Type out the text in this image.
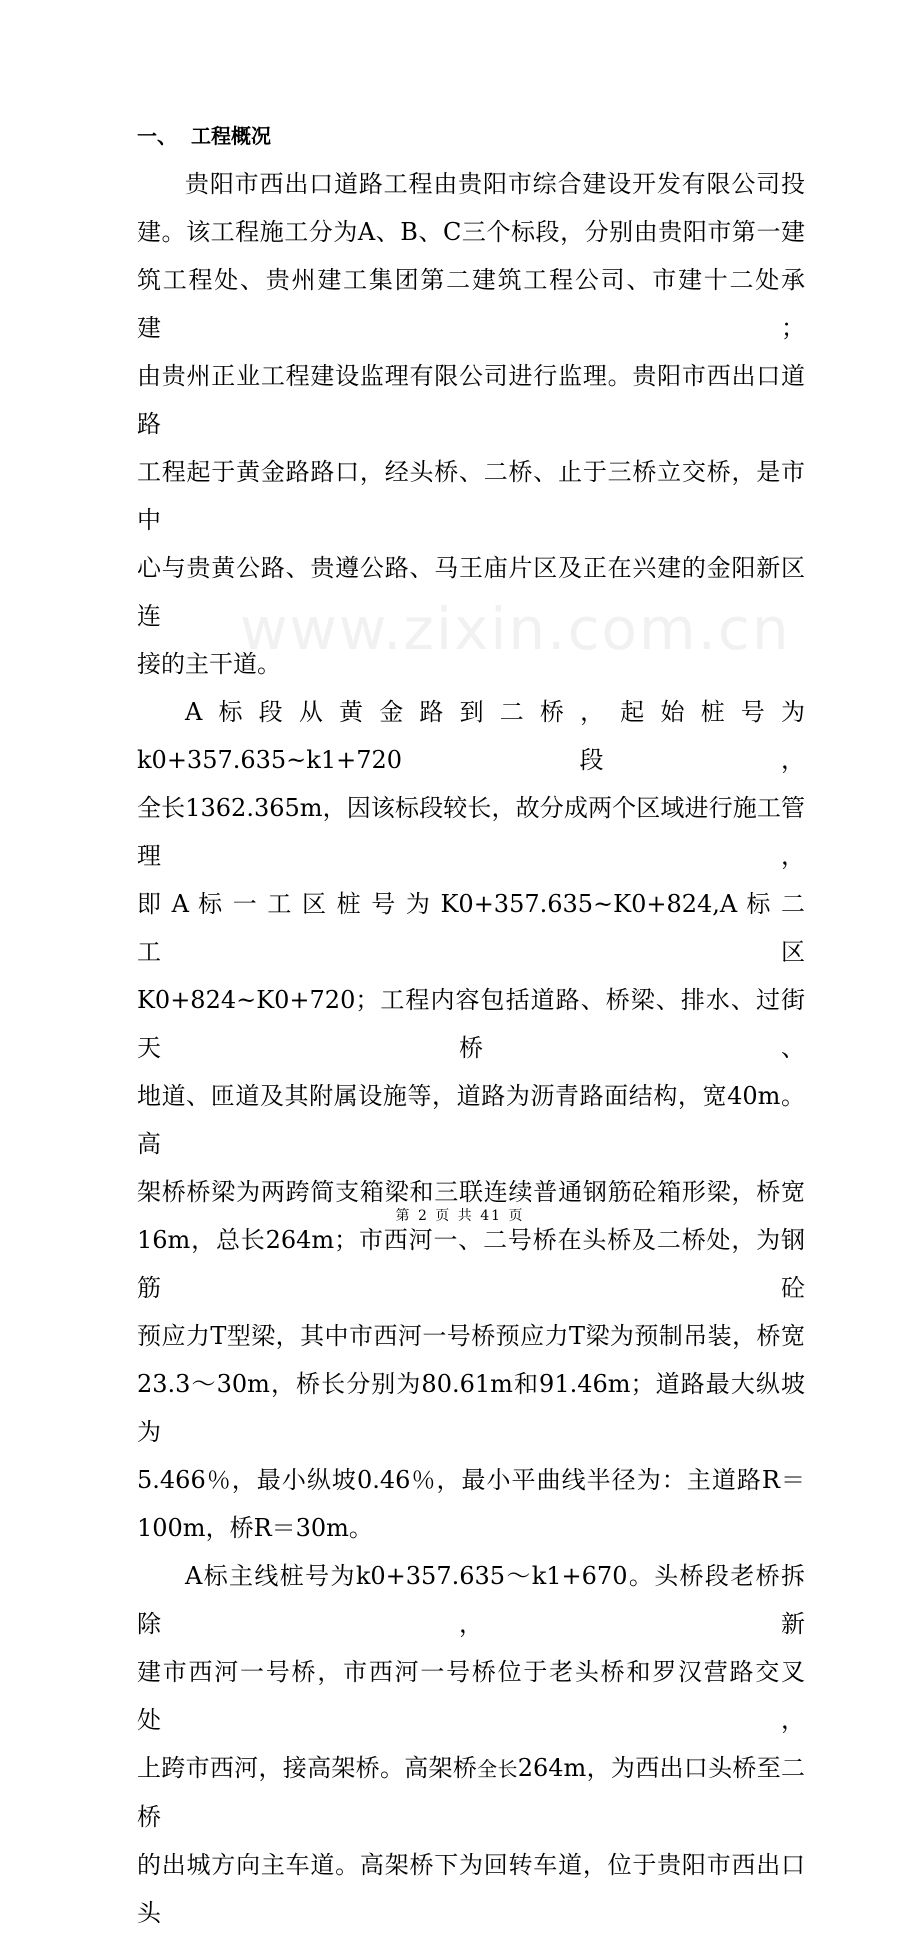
一、 工程概况
贵阳市西出口道路工程由贵阳市综合建设开发有限公司投
建。该工程施工分为A、B、C三个标段，分别由贵阳市第一建
筑工程处、贵州建工集团第二建筑工程公司、市建十二处承建；
由贵州正业工程建设监理有限公司进行监理。贵阳市西出口道路
工程起于黄金路路口，经头桥、二桥、止于三桥立交桥，是市中
心与贵黄公路、贵遵公路、马王庙片区及正在兴建的金阳新区连
接的主干道。
A标段从黄金路到二桥，起始桩号为k0+357.635~k1+720段，
全长1362.365m，因该标段较长，故分成两个区域进行施工管理，
即 A 标 一 工 区 桩 号 为 K0+357.635~K0+824,A 标 二 工 区
K0+824~K0+720；工程内容包括道路、桥梁、排水、过街天桥、
地道、匝道及其附属设施等，道路为沥青路面结构，宽40m。高
架桥桥梁为两跨简支箱梁和三联连续普通钢筋砼箱形梁，桥宽
16m，总长264m；市西河一、二号桥在头桥及二桥处，为钢筋砼
预应力T型梁，其中市西河一号桥预应力T梁为预制吊装，桥宽
23.3～30m，桥长分别为80.61m和91.46m；道路最大纵坡为
5.466％，最小纵坡0.46％，最小平曲线半径为：主道路R＝
100m，桥R＝30m。
A标主线桩号为k0+357.635～k1+670。头桥段老桥拆除，新
建市西河一号桥，市西河一号桥位于老头桥和罗汉营路交叉处，
上跨市西河，接高架桥。高架桥全长264m，为西出口头桥至二桥
的出城方向主车道。高架桥下为回转车道，位于贵阳市西出口头
www.zixin.com.cn
第 2 页 共 41 页
